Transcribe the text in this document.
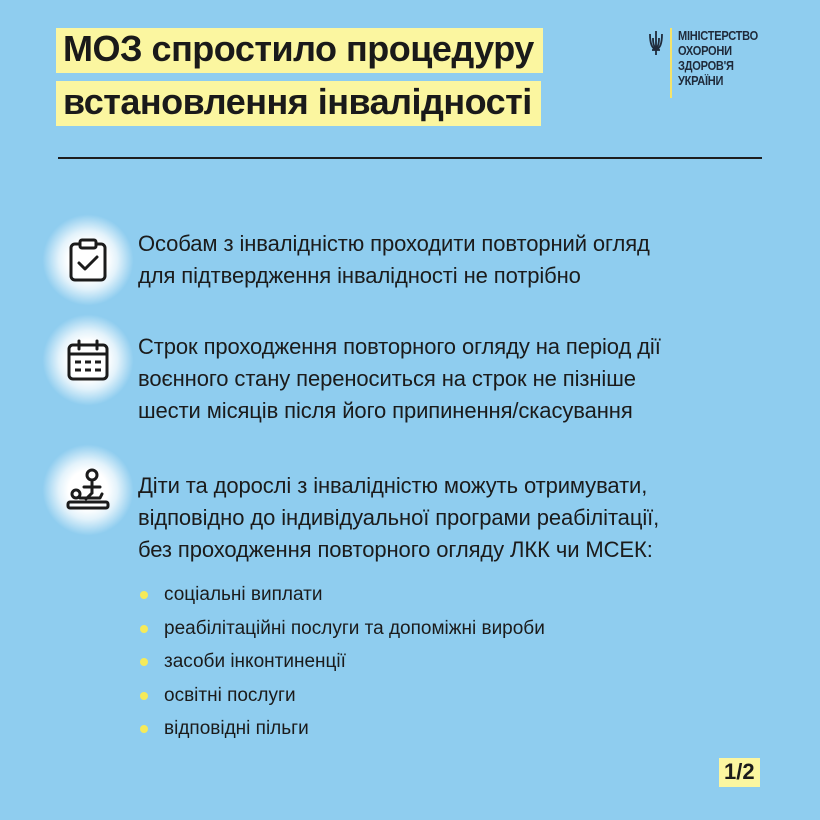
МОЗ спростило процедуру
встановлення інвалідності
МІНІСТЕРСТВО
ОХОРОНИ
ЗДОРОВ'Я
УКРАЇНИ
Особам з інвалідністю проходити повторний огляд
для підтвердження інвалідності не потрібно
Строк проходження повторного огляду на період дії
воєнного стану переноситься на строк не пізніше
шести місяців після його припинення/скасування
Діти та дорослі з інвалідністю можуть отримувати,
відповідно до індивідуальної програми реабілітації,
без проходження повторного огляду ЛКК чи МСЕК:
соціальні виплати
реабілітаційні послуги та допоміжні вироби
засоби інконтиненції
освітні послуги
відповідні пільги
1/2
